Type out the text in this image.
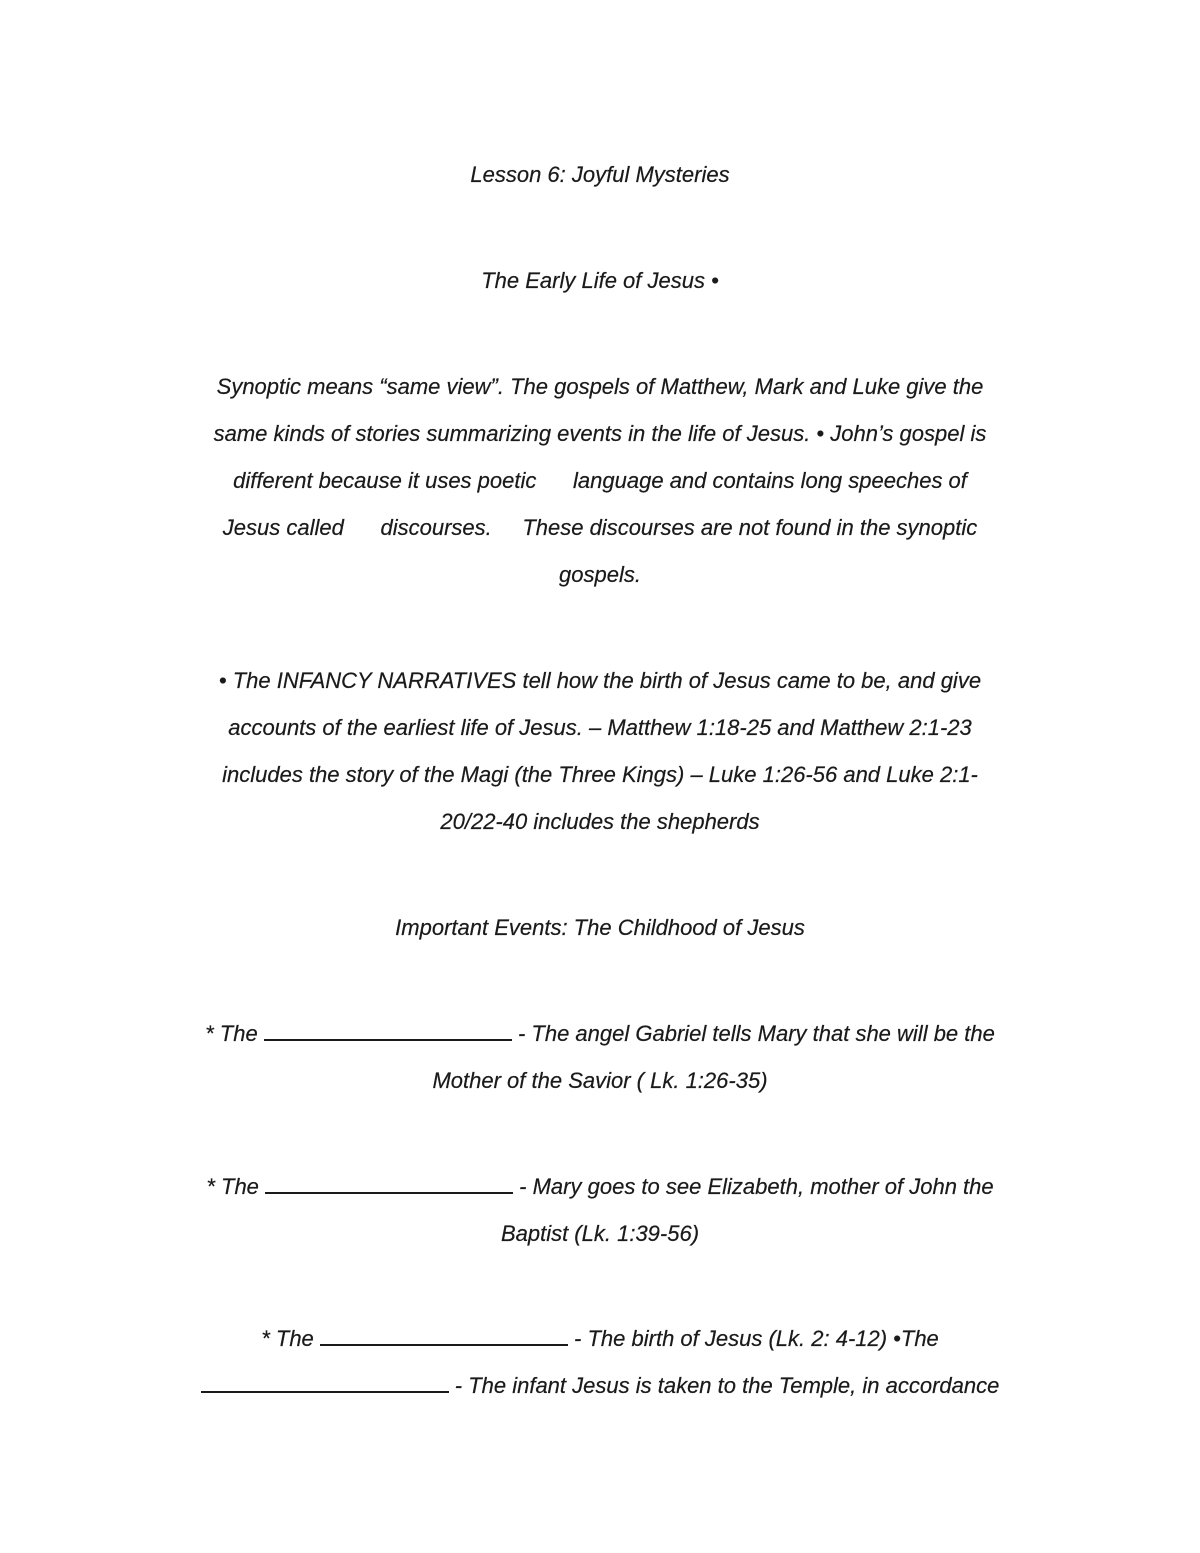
Lesson 6: Joyful Mysteries
The Early Life of Jesus •
Synoptic means “same view”. The gospels of Matthew, Mark and Luke give the
same kinds of stories summarizing events in the life of Jesus. • John’s gospel is
different because it uses poetic      language and contains long speeches of
Jesus called      discourses.     These discourses are not found in the synoptic
gospels.
• The INFANCY NARRATIVES tell how the birth of Jesus came to be, and give
accounts of the earliest life of Jesus. – Matthew 1:18-25 and Matthew 2:1-23
includes the story of the Magi (the Three Kings) – Luke 1:26-56 and Luke 2:1-
20/22-40 includes the shepherds
Important Events: The Childhood of Jesus
* The	- The angel Gabriel tells Mary that she will be the
Mother of the Savior ( Lk. 1:26-35)
* The	- Mary goes to see Elizabeth, mother of John the
Baptist (Lk. 1:39-56)
* The	- The birth of Jesus (Lk. 2: 4-12) •The
- The infant Jesus is taken to the Temple, in accordance
